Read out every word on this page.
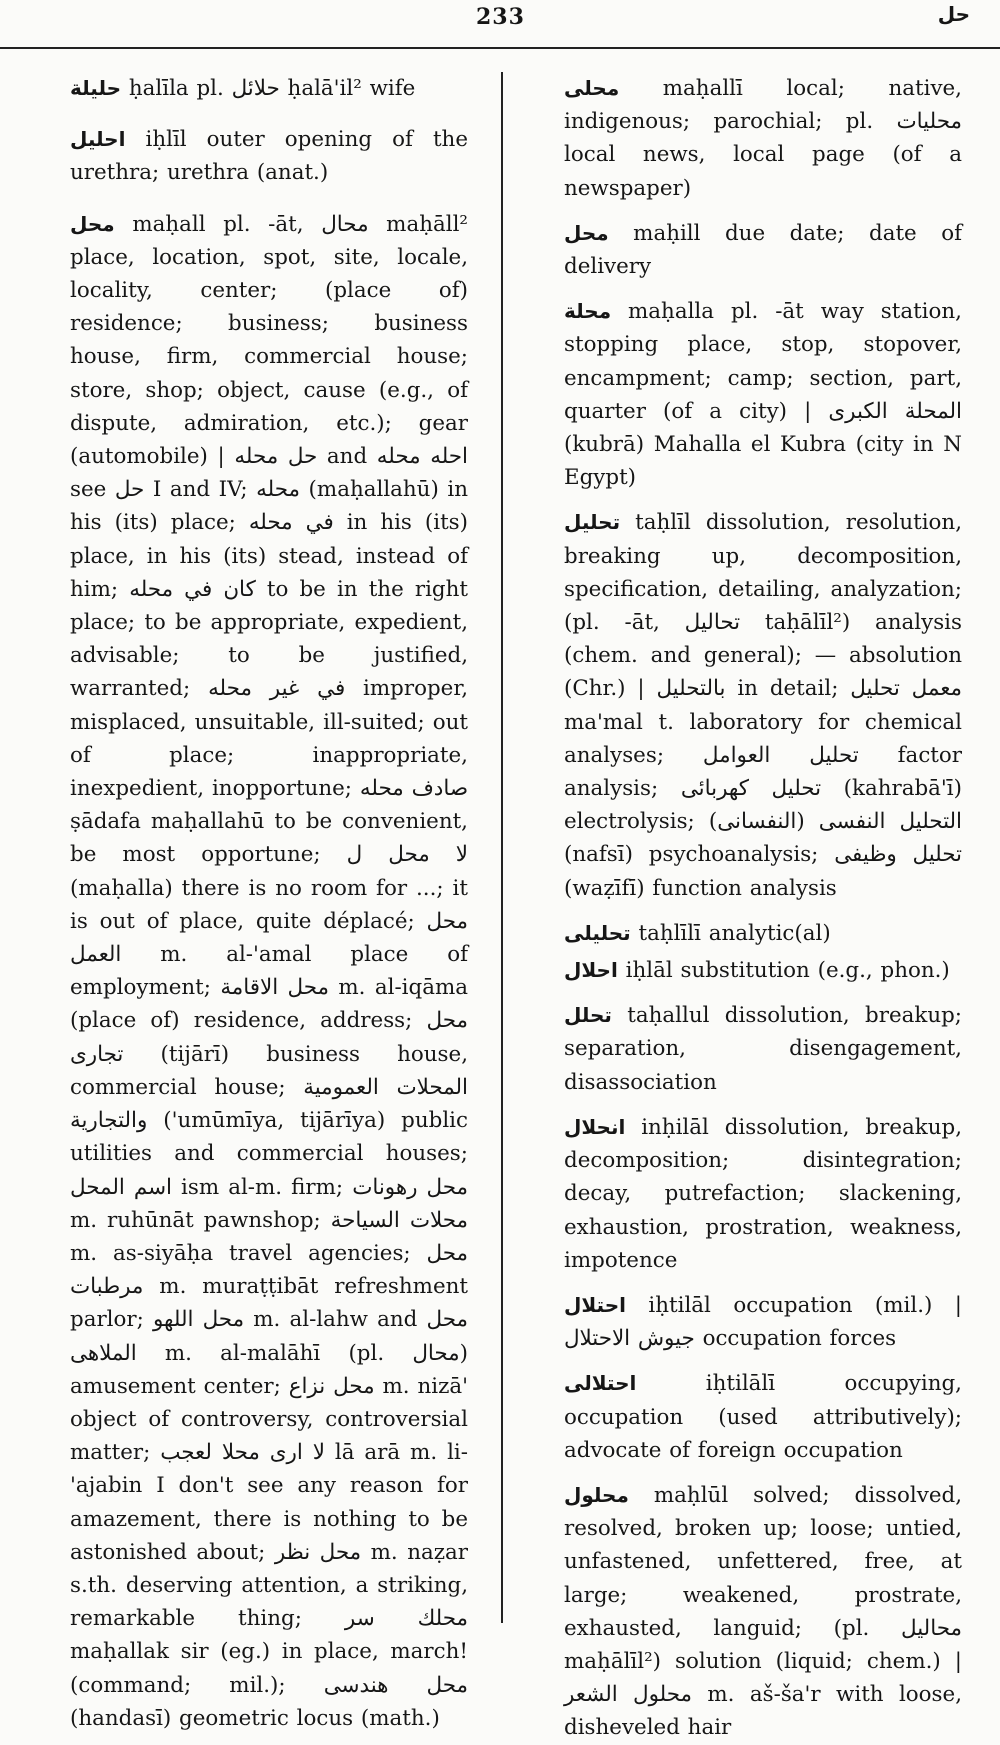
233	حل

حليلة ḥalīla pl. حلائل ḥalā'il² wife

احليل iḥlīl outer opening of the urethra; urethra (anat.)

محل maḥall pl. -āt, محال maḥāll² place, location, spot, site, locale, locality, center; (place of) residence; business; business house, firm, commercial house; store, shop; object, cause (e.g., of dispute, admiration, etc.); gear (automobile) | حل محله and احله محله see حل I and IV; محله (maḥallahū) in his (its) place; في محله in his (its) place, in his (its) stead, instead of him; كان في محله to be in the right place; to be appropriate, expedient, advisable; to be justified, warranted; في غير محله improper, misplaced, unsuitable, ill-suited; out of place; inappropriate, inexpedient, inopportune; صادف محله ṣādafa maḥallahū to be convenient, be most opportune; لا محل ل (maḥalla) there is no room for ...; it is out of place, quite déplacé; محل العمل m. al-'amal place of employment; محل الاقامة m. al-iqāma (place of) residence, address; محل تجارى (tijārī) business house, commercial house; المحلات العمومية والتجارية ('umūmīya, tijārīya) public utilities and commercial houses; اسم المحل ism al-m. firm; محل رهونات m. ruhūnāt pawnshop; محلات السياحة m. as-siyāḥa travel agencies; محل مرطبات m. muraṭṭibāt refreshment parlor; محل اللهو m. al-lahw and محل الملاهى m. al-malāhī (pl. محال) amusement center; محل نزاع m. nizā' object of controversy, controversial matter; لا ارى محلا لعجب lā arā m. li-'ajabin I don't see any reason for amazement, there is nothing to be astonished about; محل نظر m. naẓar s.th. deserving attention, a striking, remarkable thing; محلك سر maḥallak sir (eg.) in place, march! (command; mil.); محل هندسى (handasī) geometric locus (math.)

محلى maḥallī local; native, indigenous; parochial; pl. محليات local news, local page (of a newspaper)

محل maḥill due date; date of delivery

محلة maḥalla pl. -āt way station, stopping place, stop, stopover, encampment; camp; section, part, quarter (of a city) | المحلة الكبرى (kubrā) Mahalla el Kubra (city in N Egypt)

تحليل taḥlīl dissolution, resolution, breaking up, decomposition, specification, detailing, analyzation; (pl. -āt, تحاليل taḥālīl²) analysis (chem. and general); — absolution (Chr.) | بالتحليل in detail; معمل تحليل ma'mal t. laboratory for chemical analyses; تحليل العوامل factor analysis; تحليل كهربائى (kahrabā'ī) electrolysis; التحليل النفسى (النفسانى) (nafsī) psychoanalysis; تحليل وظيفى (waẓīfī) function analysis

تحليلى taḥlīlī analytic(al)

احلال iḥlāl substitution (e.g., phon.)

تحلل taḥallul dissolution, breakup; separation, disengagement, disassociation

انحلال inḥilāl dissolution, breakup, decomposition; disintegration; decay, putrefaction; slackening, exhaustion, prostration, weakness, impotence

احتلال iḥtilāl occupation (mil.) | جيوش الاحتلال occupation forces

احتلالى	iḥtilālī occupying, occupation (used attributively); advocate of foreign occupation

محلول maḥlūl solved; dissolved, resolved, broken up; loose; untied, unfastened, unfettered, free, at large; weakened, prostrate, exhausted, languid; (pl. محاليل maḥālīl²) solution (liquid; chem.) | محلول الشعر m. aš-ša'r with loose, disheveled hair
